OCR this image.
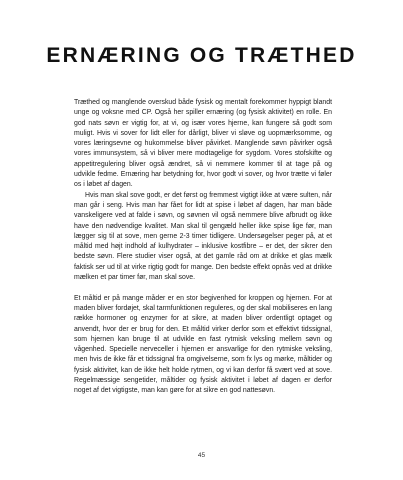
ERNÆRING OG TRÆTHED

Træthed og manglende overskud både fysisk og mentalt forekommer hyppigt blandt unge og voksne med CP. Også her spiller ernæring (og fysisk aktivitet) en rolle. En god nats søvn er vigtig for, at vi, og især vores hjerne, kan fungere så godt som muligt. Hvis vi sover for lidt eller for dårligt, bliver vi sløve og uopmærksomme, og vores læringsevne og hukommelse bliver påvirket. Manglende søvn påvirker også vores immunsystem, så vi bliver mere modtagelige for sygdom. Vores stofskifte og appetitregulering bliver også ændret, så vi nemmere kommer til at tage på og udvikle fedme. Ernæring har betydning for, hvor godt vi sover, og hvor trætte vi føler os i løbet af dagen.

Hvis man skal sove godt, er det først og fremmest vigtigt ikke at være sulten, når man går i seng. Hvis man har fået for lidt at spise i løbet af dagen, har man både vanskeligere ved at falde i søvn, og søvnen vil også nemmere blive afbrudt og ikke have den nødvendige kvalitet. Man skal til gengæld heller ikke spise lige før, man lægger sig til at sove, men gerne 2-3 timer tidligere. Undersøgelser peger på, at et måltid med højt indhold af kulhydrater – inklusive kostfibre – er det, der sikrer den bedste søvn. Flere studier viser også, at det gamle råd om at drikke et glas mælk faktisk ser ud til at virke rigtig godt for mange. Den bedste effekt opnås ved at drikke mælken et par timer før, man skal sove.

Et måltid er på mange måder er en stor begivenhed for kroppen og hjernen. For at maden bliver fordøjet, skal tarmfunktionen reguleres, og der skal mobiliseres en lang række hormoner og enzymer for at sikre, at maden bliver ordentligt optaget og anvendt, hvor der er brug for den. Et måltid virker derfor som et effektivt tidssignal, som hjernen kan bruge til at udvikle en fast rytmisk veksling mellem søvn og vågenhed. Specielle nerveceller i hjernen er ansvarlige for den rytmiske veksling, men hvis de ikke får et tidssignal fra omgivelserne, som fx lys og mørke, måltider og fysisk aktivitet, kan de ikke helt holde rytmen, og vi kan derfor få svært ved at sove. Regelmæssige sengetider, måltider og fysisk aktivitet i løbet af dagen er derfor noget af det vigtigste, man kan gøre for at sikre en god nattesøvn.

45
